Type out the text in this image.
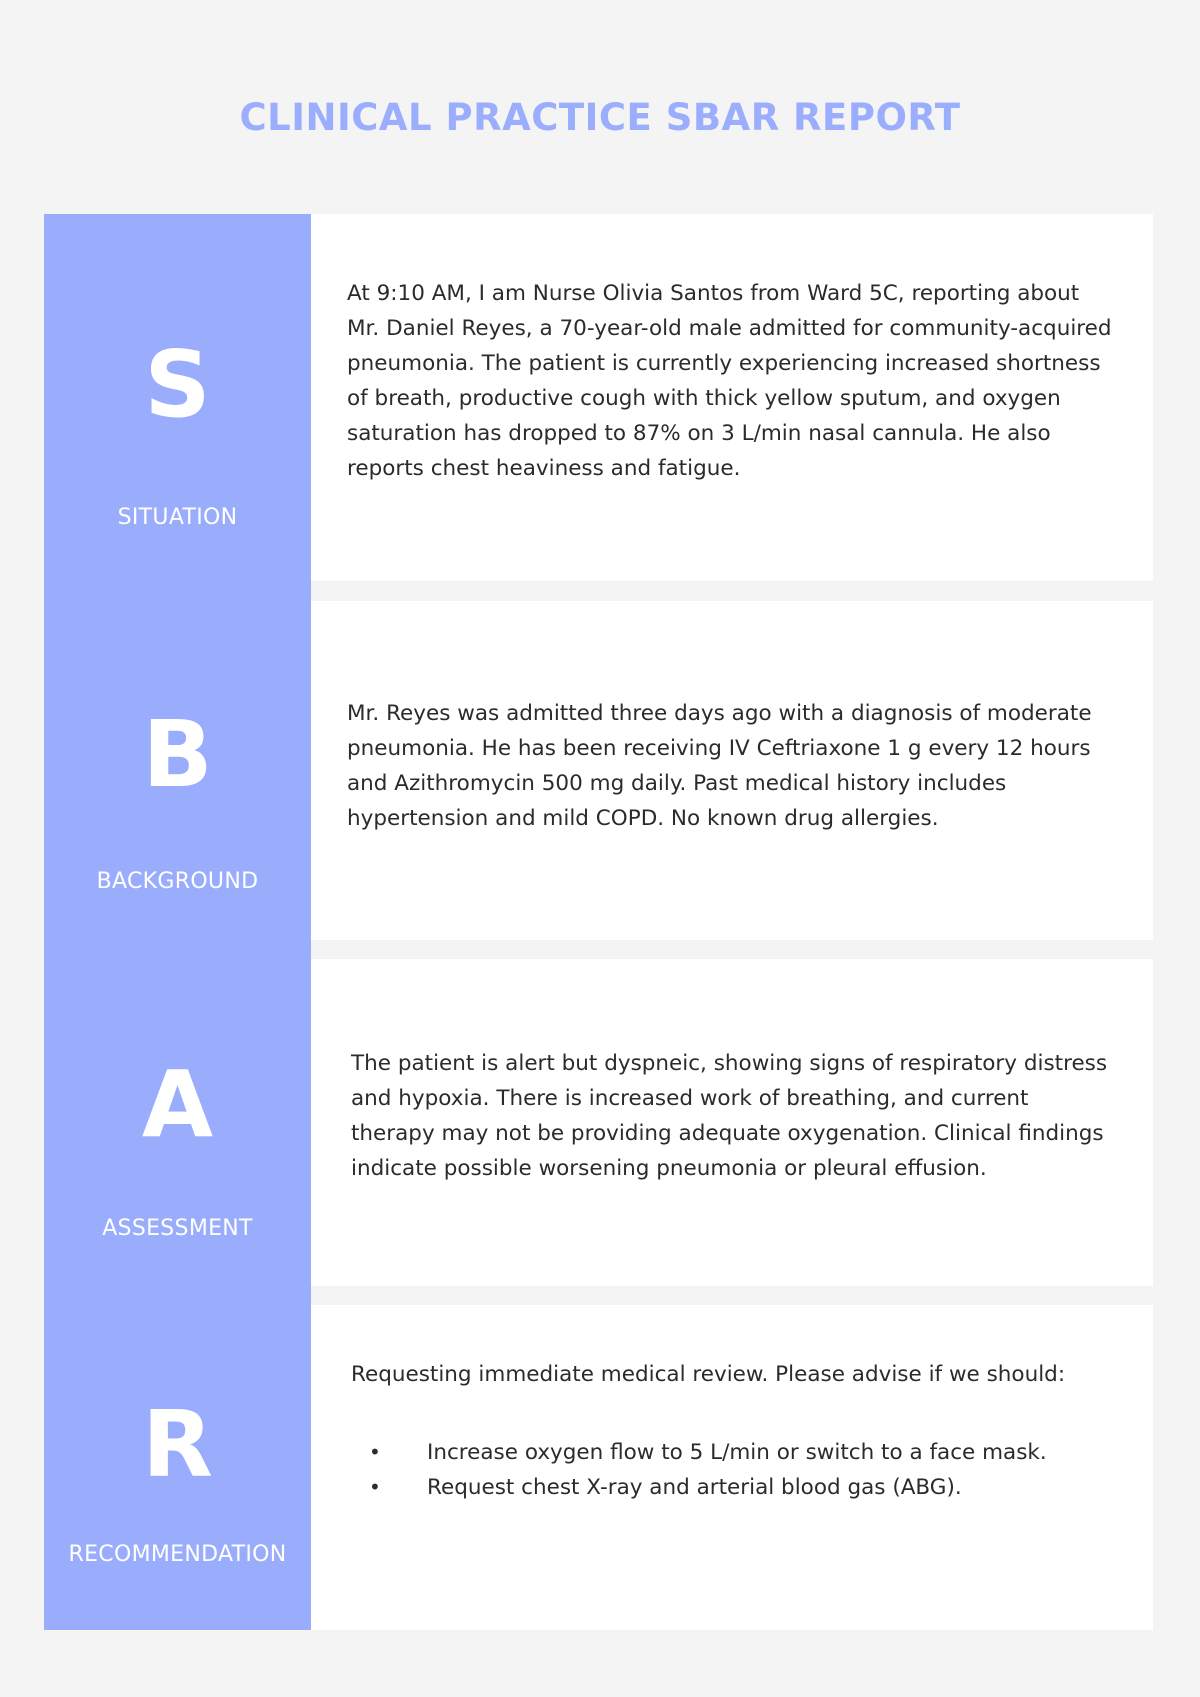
CLINICAL PRACTICE SBAR REPORT
S
SITUATION

At 9:10 AM, I am Nurse Olivia Santos from Ward 5C, reporting about Mr. Daniel Reyes, a 70-year-old male admitted for community-acquired pneumonia. The patient is currently experiencing increased shortness of breath, productive cough with thick yellow sputum, and oxygen saturation has dropped to 87% on 3 L/min nasal cannula. He also reports chest heaviness and fatigue.

B
BACKGROUND

Mr. Reyes was admitted three days ago with a diagnosis of moderate pneumonia. He has been receiving IV Ceftriaxone 1 g every 12 hours and Azithromycin 500 mg daily. Past medical history includes hypertension and mild COPD. No known drug allergies.

A
ASSESSMENT

The patient is alert but dyspneic, showing signs of respiratory distress and hypoxia. There is increased work of breathing, and current therapy may not be providing adequate oxygenation. Clinical findings indicate possible worsening pneumonia or pleural effusion.

R
RECOMMENDATION

Requesting immediate medical review. Please advise if we should:

• Increase oxygen flow to 5 L/min or switch to a face mask.
• Request chest X-ray and arterial blood gas (ABG).
